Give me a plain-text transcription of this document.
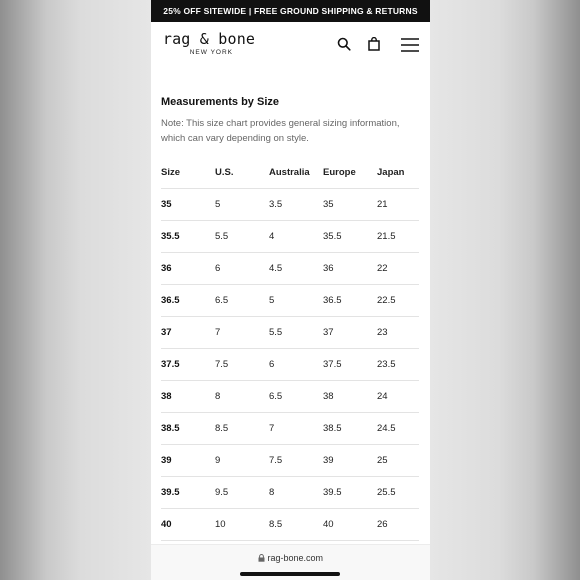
25% OFF SITEWIDE | FREE GROUND SHIPPING & RETURNS
rag & bone
NEW YORK
Measurements by Size
Note: This size chart provides general sizing information, which can vary depending on style.
Size	U.S.	Australia	Europe	Japan
35	5	3.5	35	21
35.5	5.5	4	35.5	21.5
36	6	4.5	36	22
36.5	6.5	5	36.5	22.5
37	7	5.5	37	23
37.5	7.5	6	37.5	23.5
38	8	6.5	38	24
38.5	8.5	7	38.5	24.5
39	9	7.5	39	25
39.5	9.5	8	39.5	25.5
40	10	8.5	40	26
rag-bone.com
